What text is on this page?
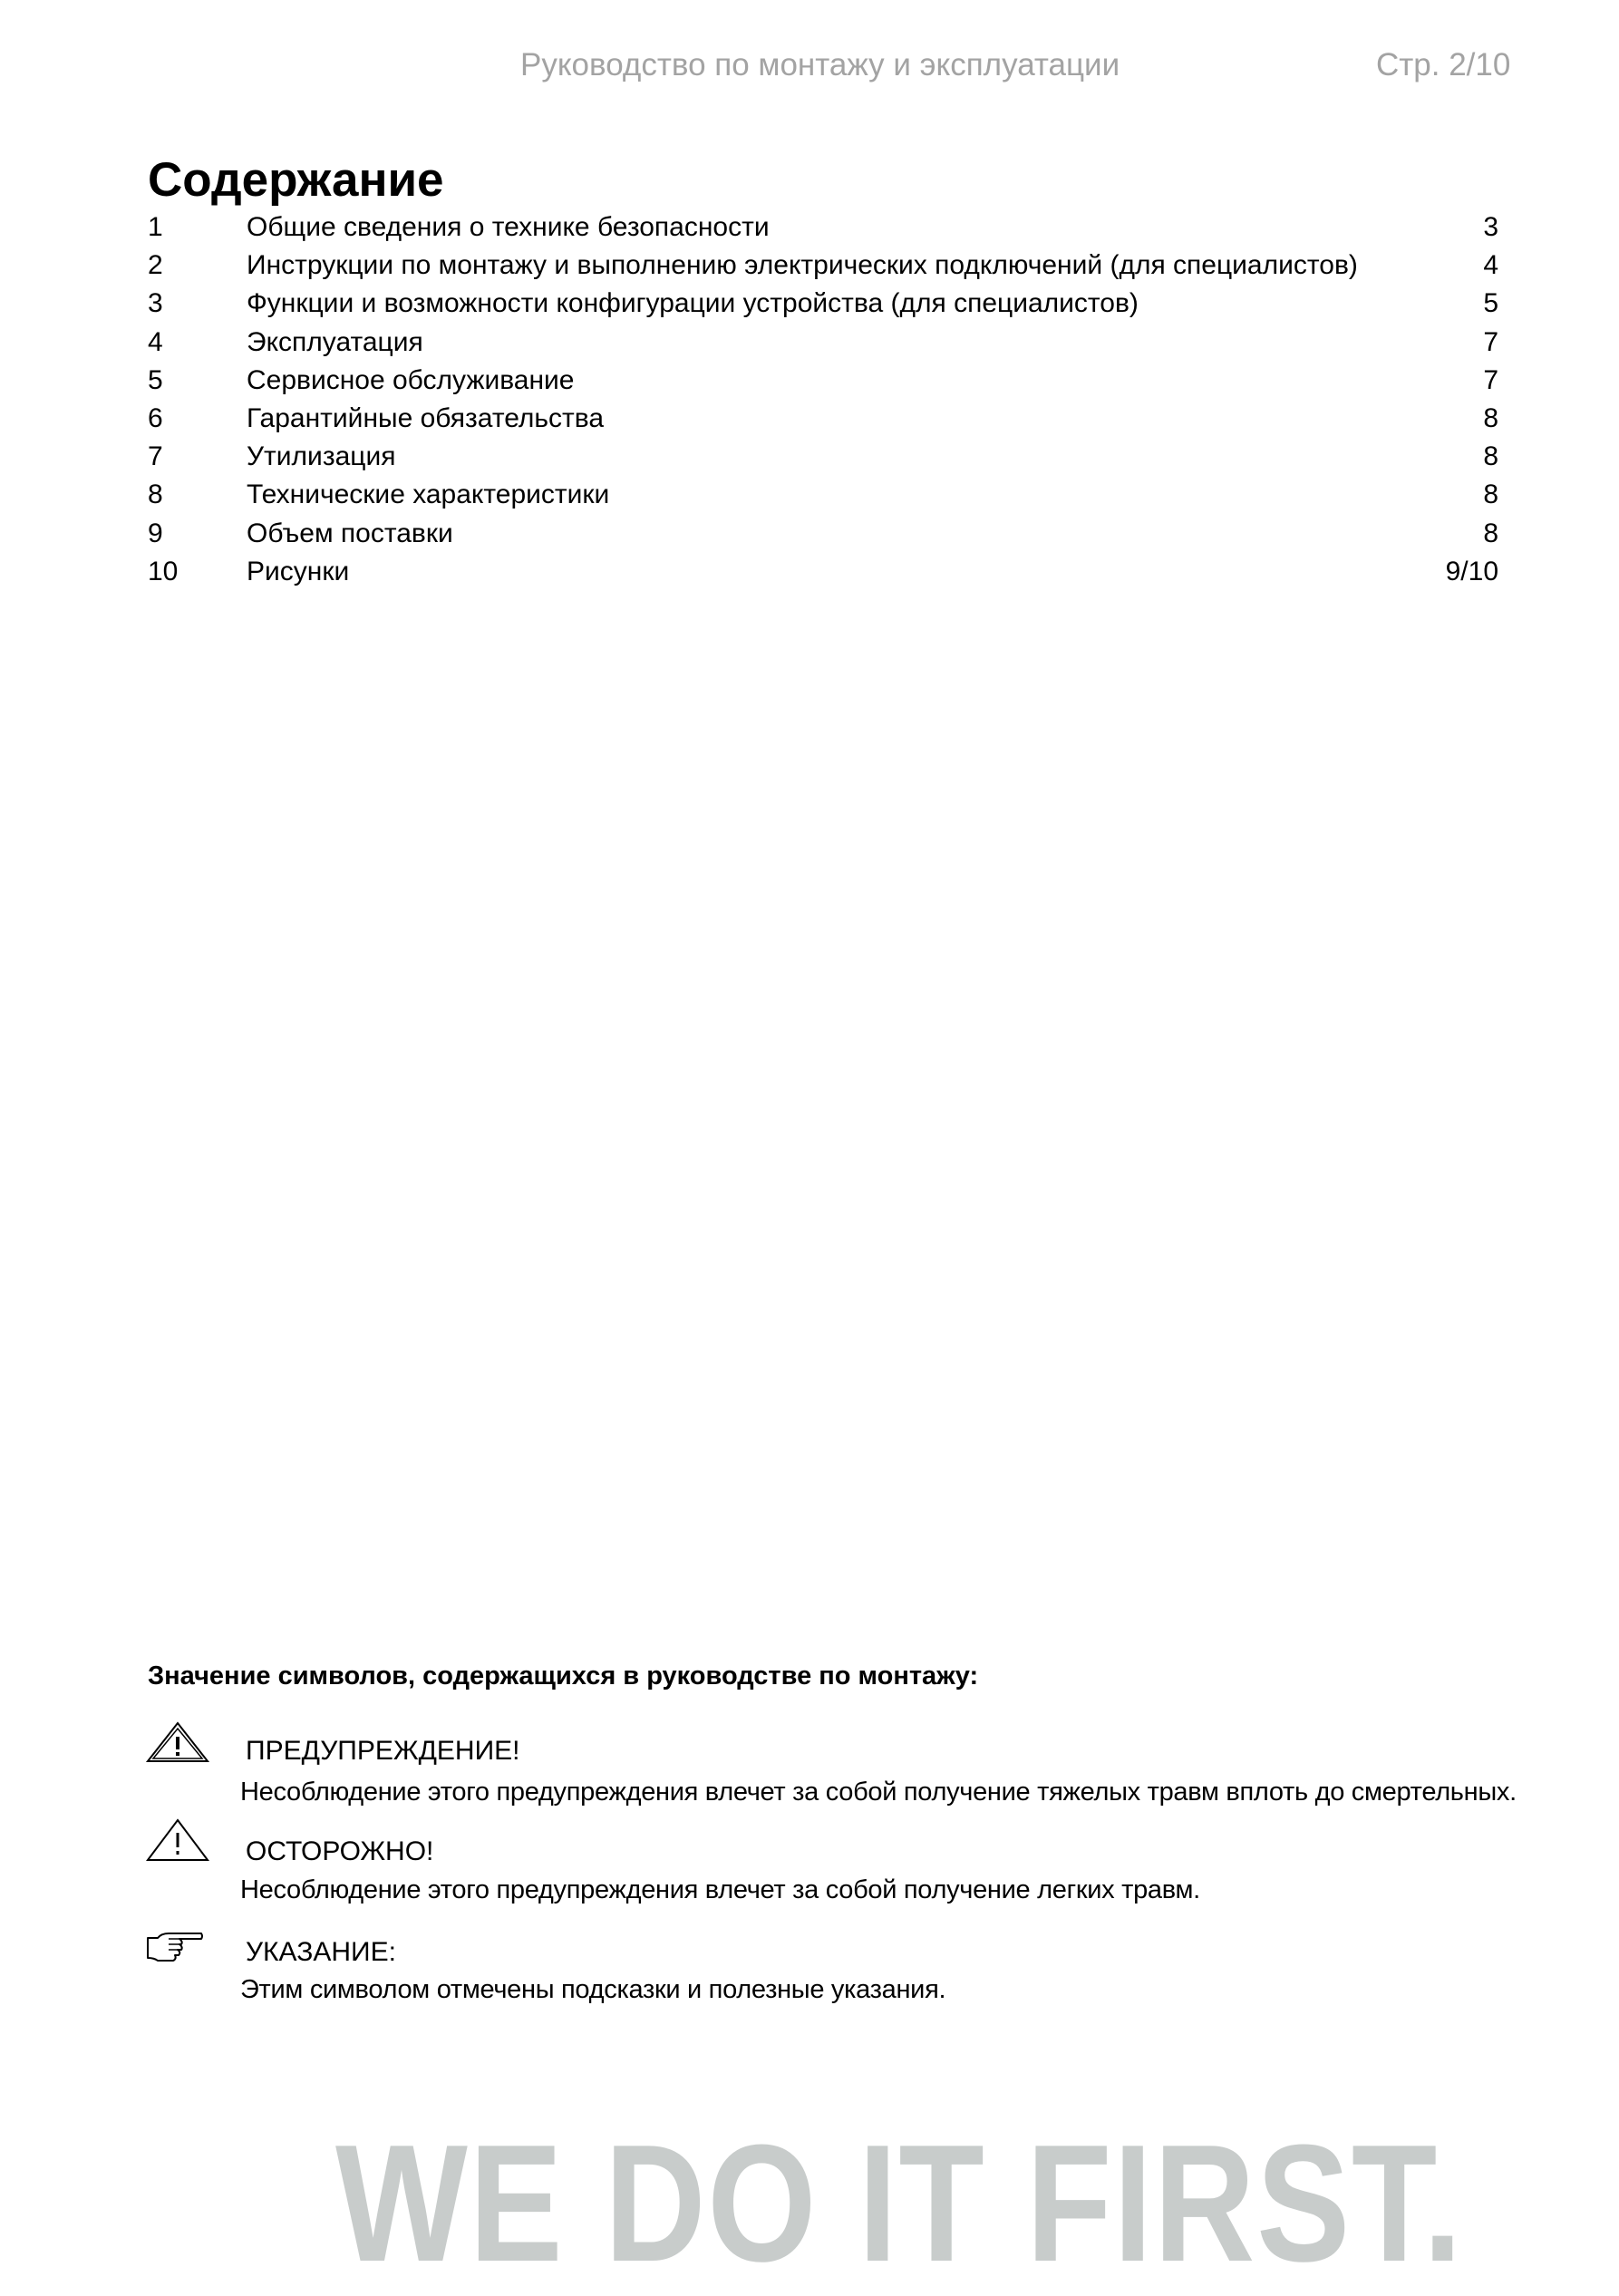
Руководство по монтажу и эксплуатации	Стр. 2/10
Содержание
1	Общие сведения о технике безопасности	3
2	Инструкции по монтажу и выполнению электрических подключений (для специалистов)	4
3	Функции и возможности конфигурации устройства (для специалистов)	5
4	Эксплуатация	7
5	Сервисное обслуживание	7
6	Гарантийные обязательства	8
7	Утилизация	8
8	Технические характеристики	8
9	Объем поставки	8
10	Рисунки	9/10
Значение символов, содержащихся в руководстве по монтажу:
ПРЕДУПРЕЖДЕНИЕ!
Несоблюдение этого предупреждения влечет за собой получение тяжелых травм вплоть до смертельных.
ОСТОРОЖНО!
Несоблюдение этого предупреждения влечет за собой получение легких травм.
УКАЗАНИЕ:
Этим символом отмечены подсказки и полезные указания.
WE DO IT FIRST.
